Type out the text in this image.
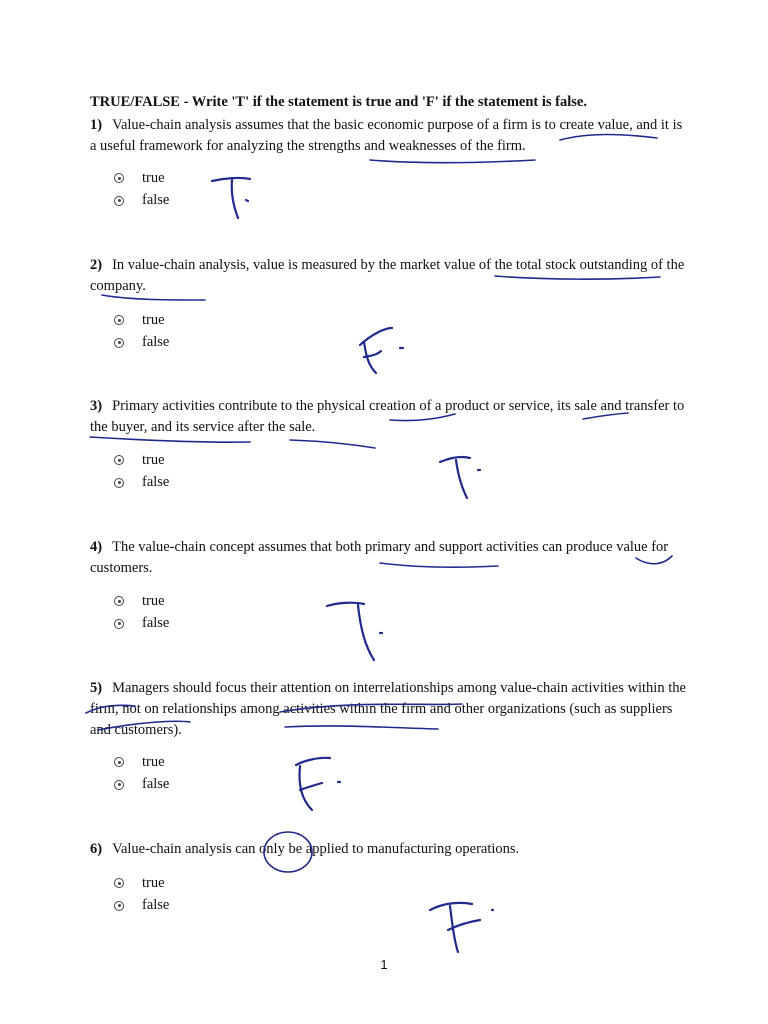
TRUE/FALSE - Write 'T' if the statement is true and 'F' if the statement is false.
1) Value-chain analysis assumes that the basic economic purpose of a firm is to create value, and it is a useful framework for analyzing the strengths and weaknesses of the firm.
true
false
2) In value-chain analysis, value is measured by the market value of the total stock outstanding of the company.
true
false
3) Primary activities contribute to the physical creation of a product or service, its sale and transfer to the buyer, and its service after the sale.
true
false
4) The value-chain concept assumes that both primary and support activities can produce value for customers.
true
false
5) Managers should focus their attention on interrelationships among value-chain activities within the firm, not on relationships among activities within the firm and other organizations (such as suppliers and customers).
true
false
6) Value-chain analysis can only be applied to manufacturing operations.
true
false
1
